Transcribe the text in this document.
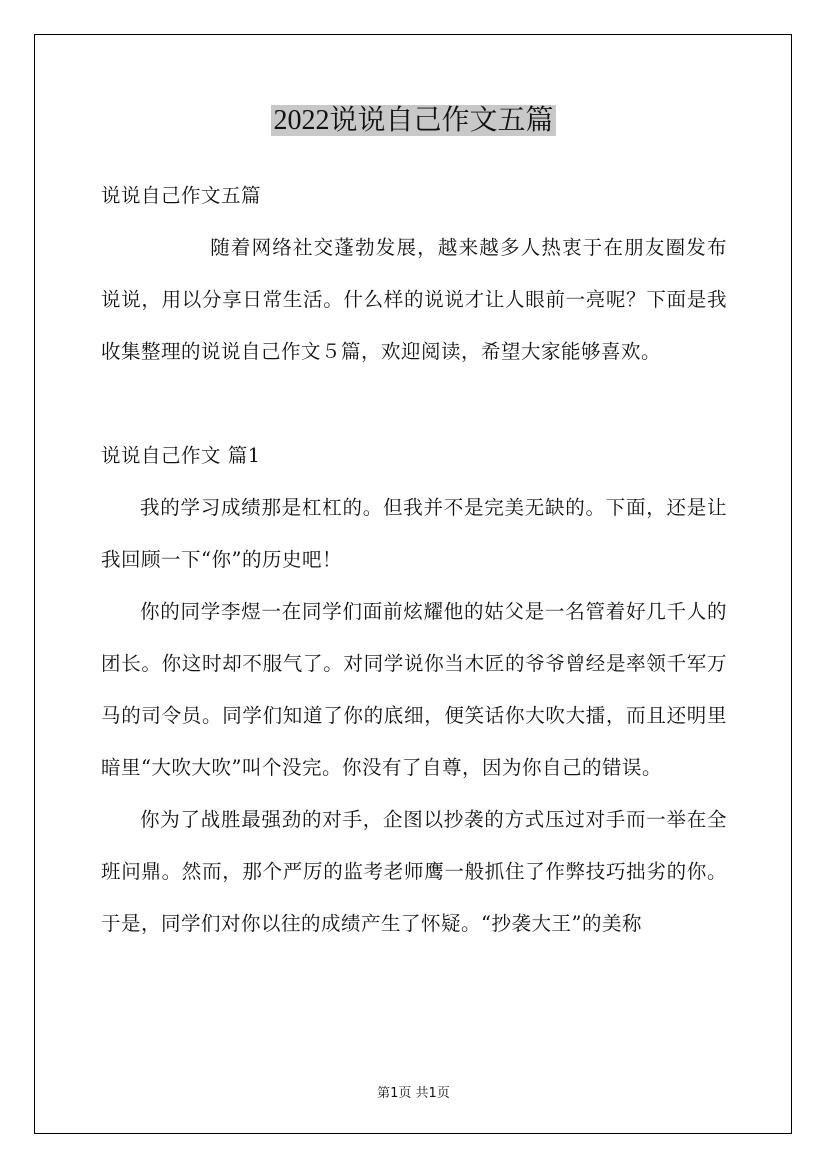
2022说说自己作文五篇

说说自己作文五篇

随着网络社交蓬勃发展，越来越多人热衷于在朋友圈发布说说，用以分享日常生活。什么样的说说才让人眼前一亮呢？下面是我收集整理的说说自己作文５篇，欢迎阅读，希望大家能够喜欢。

说说自己作文 篇1

我的学习成绩那是杠杠的。但我并不是完美无缺的。下面，还是让我回顾一下“你”的历史吧！

你的同学李煜一在同学们面前炫耀他的姑父是一名管着好几千人的团长。你这时却不服气了。对同学说你当木匠的爷爷曾经是率领千军万马的司令员。同学们知道了你的底细，便笑话你大吹大擂，而且还明里暗里“大吹大吹”叫个没完。你没有了自尊，因为你自己的错误。

你为了战胜最强劲的对手，企图以抄袭的方式压过对手而一举在全班问鼎。然而，那个严厉的监考老师鹰一般抓住了作弊技巧拙劣的你。于是，同学们对你以往的成绩产生了怀疑。“抄袭大王”的美称

第1页 共1页
